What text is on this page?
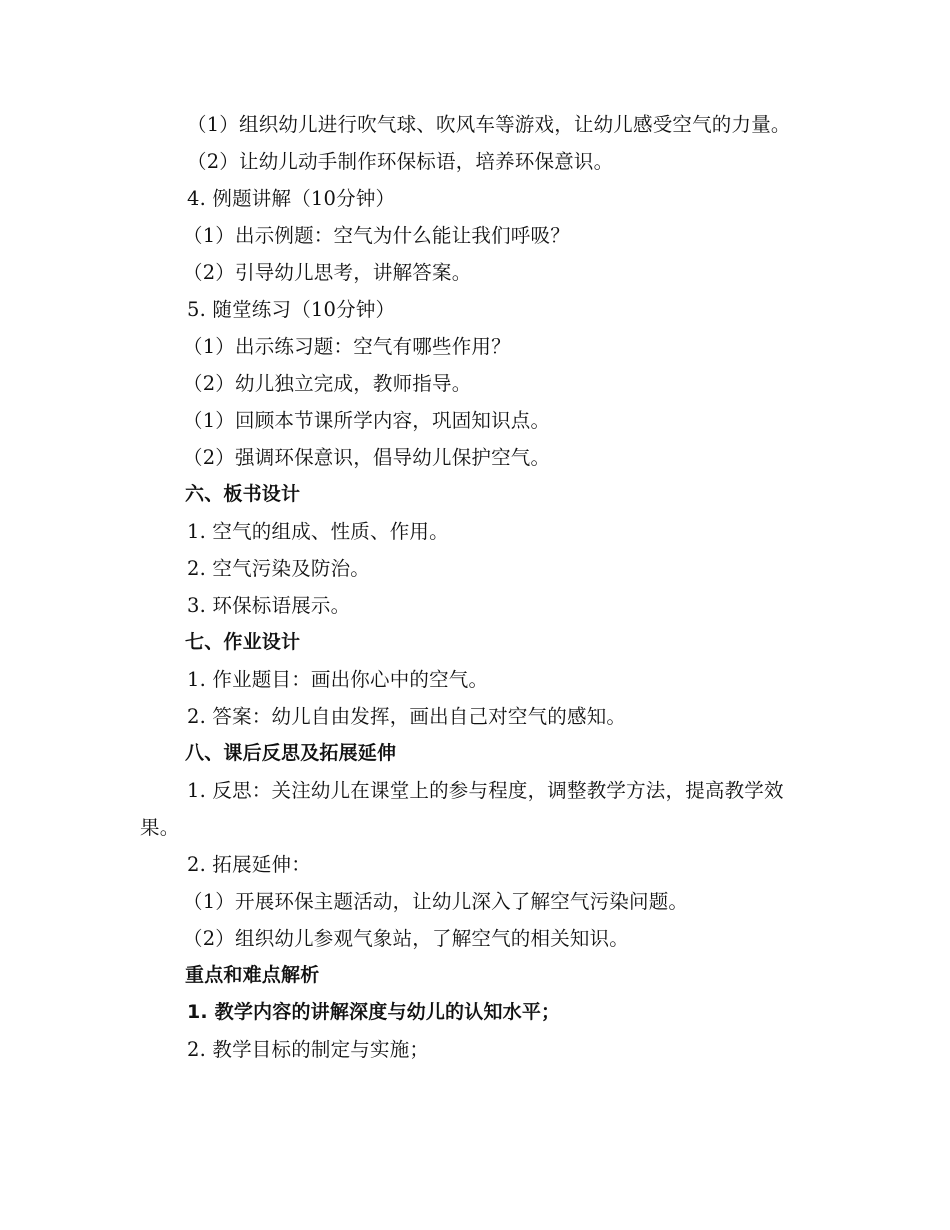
（1）组织幼儿进行吹气球、吹风车等游戏，让幼儿感受空气的力量。
（2）让幼儿动手制作环保标语，培养环保意识。
4. 例题讲解（10分钟）
（1）出示例题：空气为什么能让我们呼吸？
（2）引导幼儿思考，讲解答案。
5. 随堂练习（10分钟）
（1）出示练习题：空气有哪些作用？
（2）幼儿独立完成，教师指导。
（1）回顾本节课所学内容，巩固知识点。
（2）强调环保意识，倡导幼儿保护空气。
六、板书设计
1. 空气的组成、性质、作用。
2. 空气污染及防治。
3. 环保标语展示。
七、作业设计
1. 作业题目：画出你心中的空气。
2. 答案：幼儿自由发挥，画出自己对空气的感知。
八、课后反思及拓展延伸
1. 反思：关注幼儿在课堂上的参与程度，调整教学方法，提高教学效果。
2. 拓展延伸：
（1）开展环保主题活动，让幼儿深入了解空气污染问题。
（2）组织幼儿参观气象站，了解空气的相关知识。
重点和难点解析
1. 教学内容的讲解深度与幼儿的认知水平；
2. 教学目标的制定与实施；
